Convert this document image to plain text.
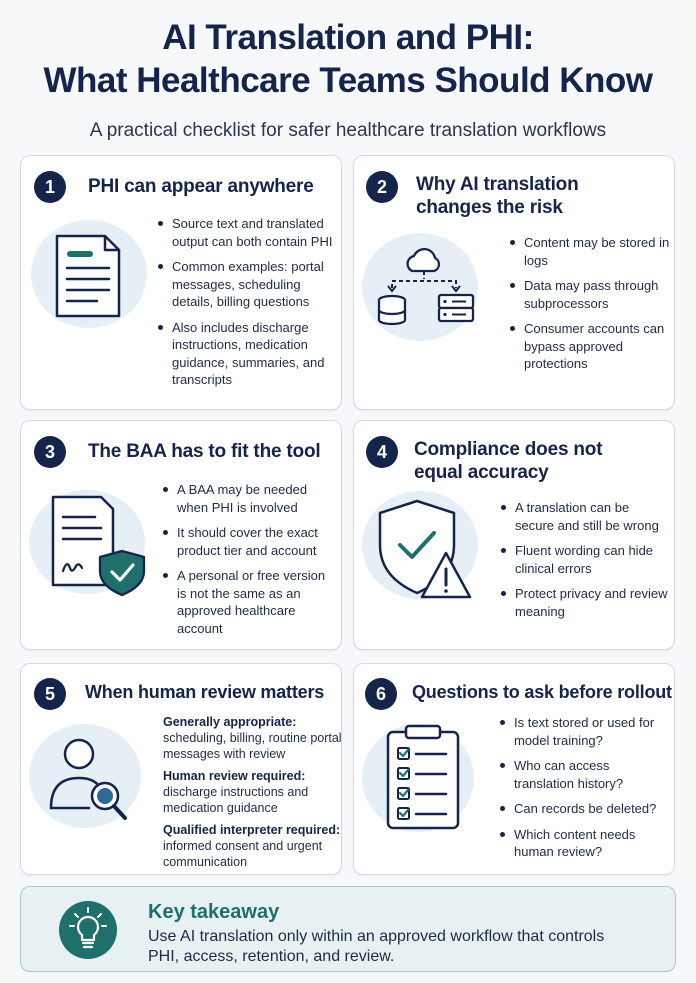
AI Translation and PHI:
What Healthcare Teams Should Know
A practical checklist for safer healthcare translation workflows
1	PHI can appear anywhere
Source text and translated output can both contain PHI
Common examples: portal messages, scheduling details, billing questions
Also includes discharge instructions, medication guidance, summaries, and transcripts
2	Why AI translation
changes the risk
Content may be stored in logs
Data may pass through subprocessors
Consumer accounts can bypass approved protections
3	The BAA has to fit the tool
A BAA may be needed when PHI is involved
It should cover the exact product tier and account
A personal or free version is not the same as an approved healthcare account
4	Compliance does not
equal accuracy
A translation can be secure and still be wrong
Fluent wording can hide clinical errors
Protect privacy and review meaning
5	When human review matters
Generally appropriate: scheduling, billing, routine portal messages with review
Human review required: discharge instructions and medication guidance
Qualified interpreter required: informed consent and urgent communication
6	Questions to ask before rollout
Is text stored or used for model training?
Who can access translation history?
Can records be deleted?
Which content needs human review?
Key takeaway
Use AI translation only within an approved workflow that controls PHI, access, retention, and review.
